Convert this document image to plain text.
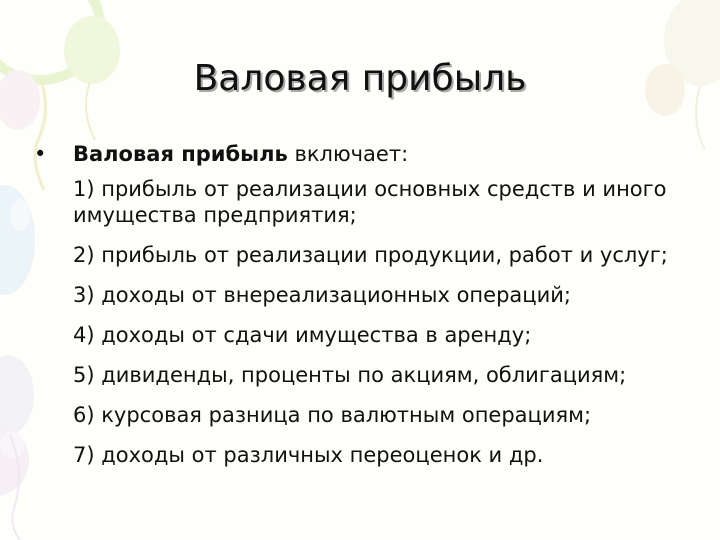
Валовая прибыль
• Валовая прибыль включает:
1) прибыль от реализации основных средств и иного имущества предприятия;
2) прибыль от реализации продукции, работ и услуг;
3) доходы от внереализационных операций;
4) доходы от сдачи имущества в аренду;
5) дивиденды, проценты по акциям, облигациям;
6) курсовая разница по валютным операциям;
7) доходы от различных переоценок и др.
